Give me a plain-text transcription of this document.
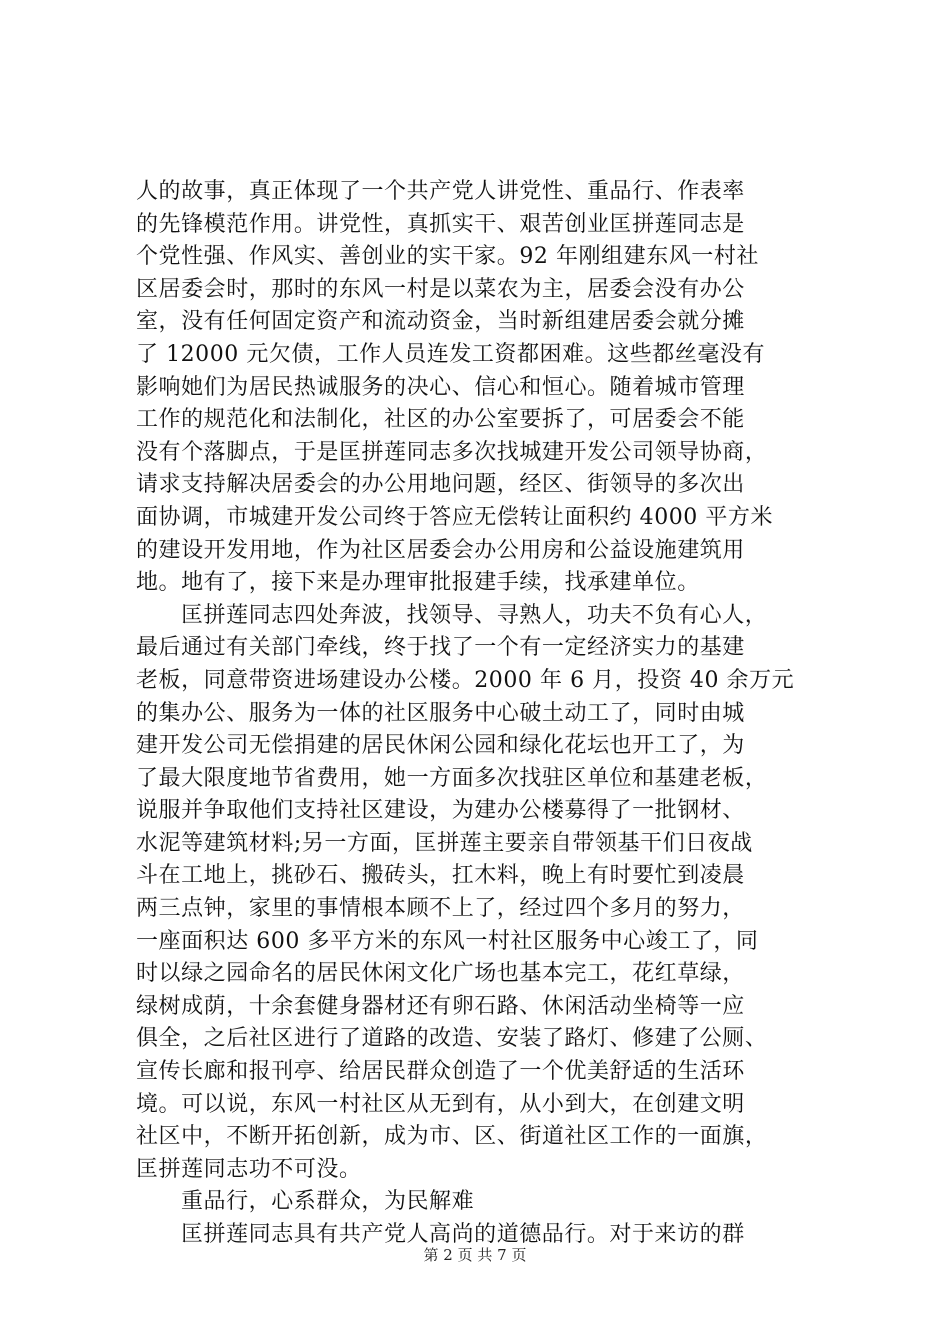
人的故事，真正体现了一个共产党人讲党性、重品行、作表率
的先锋模范作用。讲党性，真抓实干、艰苦创业匡拼莲同志是
个党性强、作风实、善创业的实干家。92 年刚组建东风一村社
区居委会时，那时的东风一村是以菜农为主，居委会没有办公
室，没有任何固定资产和流动资金，当时新组建居委会就分摊
了 12000 元欠债，工作人员连发工资都困难。这些都丝毫没有
影响她们为居民热诚服务的决心、信心和恒心。随着城市管理
工作的规范化和法制化，社区的办公室要拆了，可居委会不能
没有个落脚点，于是匡拼莲同志多次找城建开发公司领导协商，
请求支持解决居委会的办公用地问题，经区、街领导的多次出
面协调，市城建开发公司终于答应无偿转让面积约 4000 平方米
的建设开发用地，作为社区居委会办公用房和公益设施建筑用
地。地有了，接下来是办理审批报建手续，找承建单位。
匡拼莲同志四处奔波，找领导、寻熟人，功夫不负有心人，
最后通过有关部门牵线，终于找了一个有一定经济实力的基建
老板，同意带资进场建设办公楼。2000 年 6 月，投资 40 余万元
的集办公、服务为一体的社区服务中心破土动工了，同时由城
建开发公司无偿捐建的居民休闲公园和绿化花坛也开工了，为
了最大限度地节省费用，她一方面多次找驻区单位和基建老板，
说服并争取他们支持社区建设，为建办公楼募得了一批钢材、
水泥等建筑材料;另一方面，匡拼莲主要亲自带领基干们日夜战
斗在工地上，挑砂石、搬砖头，扛木料，晚上有时要忙到凌晨
两三点钟，家里的事情根本顾不上了，经过四个多月的努力，
一座面积达 600 多平方米的东风一村社区服务中心竣工了，同
时以绿之园命名的居民休闲文化广场也基本完工，花红草绿，
绿树成荫，十余套健身器材还有卵石路、休闲活动坐椅等一应
俱全，之后社区进行了道路的改造、安装了路灯、修建了公厕、
宣传长廊和报刊亭、给居民群众创造了一个优美舒适的生活环
境。可以说，东风一村社区从无到有，从小到大，在创建文明
社区中，不断开拓创新，成为市、区、街道社区工作的一面旗，
匡拼莲同志功不可没。
重品行，心系群众，为民解难
匡拼莲同志具有共产党人高尚的道德品行。对于来访的群
第 2 页 共 7 页
